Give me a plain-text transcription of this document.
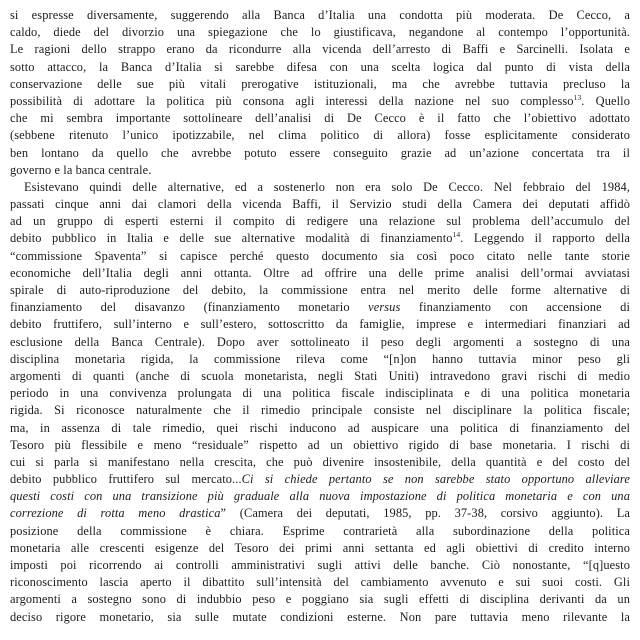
si espresse diversamente, suggerendo alla Banca d’Italia una condotta più moderata. De Cecco, a
caldo, diede del divorzio una spiegazione che lo giustificava, negandone al contempo l’opportunità.
Le ragioni dello strappo erano da ricondurre alla vicenda dell’arresto di Baffi e Sarcinelli. Isolata e
sotto attacco, la Banca d’Italia si sarebbe difesa con una scelta logica dal punto di vista della
conservazione delle sue più vitali prerogative istituzionali, ma che avrebbe tuttavia precluso la
possibilità di adottare la politica più consona agli interessi della nazione nel suo complesso$^{13}$. Quello
che mi sembra importante sottolineare dell’analisi di De Cecco è il fatto che l’obiettivo adottato
(sebbene ritenuto l’unico ipotizzabile, nel clima politico di allora) fosse esplicitamente considerato
ben lontano da quello che avrebbe potuto essere conseguito grazie ad un’azione concertata tra il
governo e la banca centrale.
Esistevano quindi delle alternative, ed a sostenerlo non era solo De Cecco. Nel febbraio del 1984,
passati cinque anni dai clamori della vicenda Baffi, il Servizio studi della Camera dei deputati affidò
ad un gruppo di esperti esterni il compito di redigere una relazione sul problema dell’accumulo del
debito pubblico in Italia e delle sue alternative modalità di finanziamento$^{14}$. Leggendo il rapporto della
“commissione Spaventa” si capisce perché questo documento sia così poco citato nelle tante storie
economiche dell’Italia degli anni ottanta. Oltre ad offrire una delle prime analisi dell’ormai avviatasi
spirale di auto-riproduzione del debito, la commissione entra nel merito delle forme alternative di
finanziamento del disavanzo (finanziamento monetario versus finanziamento con accensione di
debito fruttifero, sull’interno e sull’estero, sottoscritto da famiglie, imprese e intermediari finanziari ad
esclusione della Banca Centrale). Dopo aver sottolineato il peso degli argomenti a sostegno di una
disciplina monetaria rigida, la commissione rileva come “[n]on hanno tuttavia minor peso gli
argomenti di quanti (anche di scuola monetarista, negli Stati Uniti) intravedono gravi rischi di medio
periodo in una convivenza prolungata di una politica fiscale indisciplinata e di una politica monetaria
rigida. Si riconosce naturalmente che il rimedio principale consiste nel disciplinare la politica fiscale;
ma, in assenza di tale rimedio, quei rischi inducono ad auspicare una politica di finanziamento del
Tesoro più flessibile e meno “residuale” rispetto ad un obiettivo rigido di base monetaria. I rischi di
cui si parla si manifestano nella crescita, che può divenire insostenibile, della quantità e del costo del
debito pubblico fruttifero sul mercato...Ci si chiede pertanto se non sarebbe stato opportuno alleviare
questi costi con una transizione più graduale alla nuova impostazione di politica monetaria e con una
correzione di rotta meno drastica” (Camera dei deputati, 1985, pp. 37-38, corsivo aggiunto). La
posizione della commissione è chiara. Esprime contrarietà alla subordinazione della politica
monetaria alle crescenti esigenze del Tesoro dei primi anni settanta ed agli obiettivi di credito interno
imposti poi ricorrendo ai controlli amministrativi sugli attivi delle banche. Ciò nonostante, “[q]uesto
riconoscimento lascia aperto il dibattito sull’intensità del cambiamento avvenuto e sui suoi costi. Gli
argomenti a sostegno sono di indubbio peso e poggiano sia sugli effetti di disciplina derivanti da un
deciso rigore monetario, sia sulle mutate condizioni esterne. Non pare tuttavia meno rilevante la
